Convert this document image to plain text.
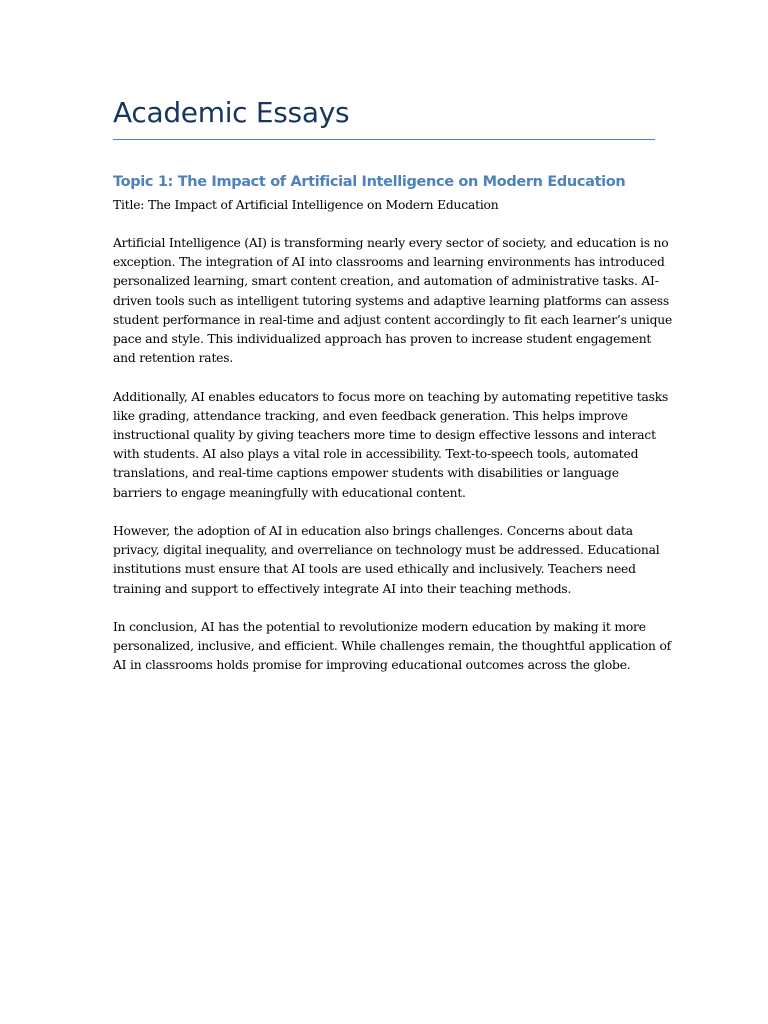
Academic Essays
Topic 1: The Impact of Artificial Intelligence on Modern Education

Title: The Impact of Artificial Intelligence on Modern Education

Artificial Intelligence (AI) is transforming nearly every sector of society, and education is no
exception. The integration of AI into classrooms and learning environments has introduced
personalized learning, smart content creation, and automation of administrative tasks. AI-
driven tools such as intelligent tutoring systems and adaptive learning platforms can assess
student performance in real-time and adjust content accordingly to fit each learner’s unique
pace and style. This individualized approach has proven to increase student engagement
and retention rates.

Additionally, AI enables educators to focus more on teaching by automating repetitive tasks
like grading, attendance tracking, and even feedback generation. This helps improve
instructional quality by giving teachers more time to design effective lessons and interact
with students. AI also plays a vital role in accessibility. Text-to-speech tools, automated
translations, and real-time captions empower students with disabilities or language
barriers to engage meaningfully with educational content.

However, the adoption of AI in education also brings challenges. Concerns about data
privacy, digital inequality, and overreliance on technology must be addressed. Educational
institutions must ensure that AI tools are used ethically and inclusively. Teachers need
training and support to effectively integrate AI into their teaching methods.

In conclusion, AI has the potential to revolutionize modern education by making it more
personalized, inclusive, and efficient. While challenges remain, the thoughtful application of
AI in classrooms holds promise for improving educational outcomes across the globe.
